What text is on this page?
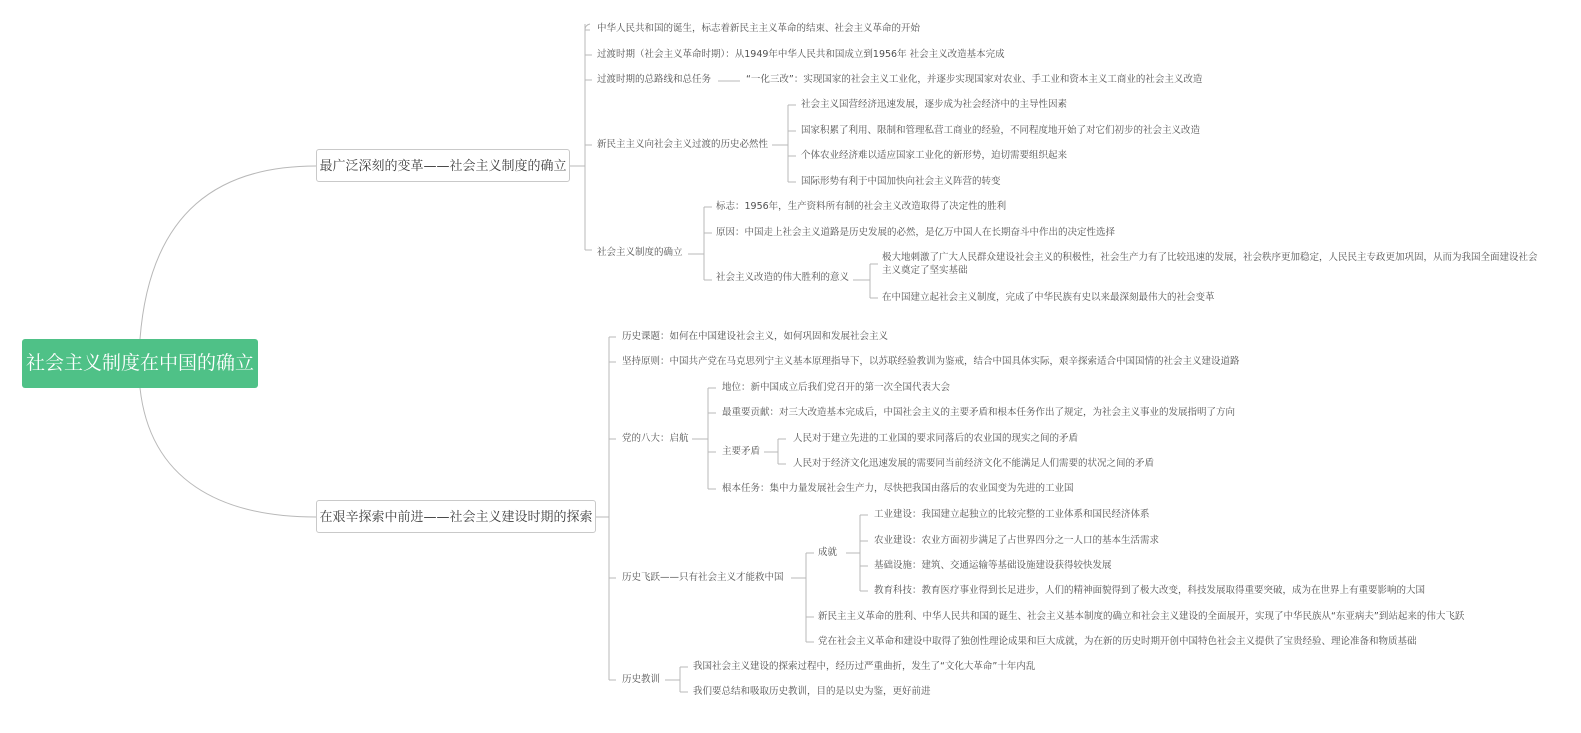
社会主义制度在中国的确立
最广泛深刻的变革——社会主义制度的确立
在艰辛探索中前进——社会主义建设时期的探索
中华人民共和国的诞生，标志着新民主主义革命的结束、社会主义革命的开始
过渡时期（社会主义革命时期）：从1949年中华人民共和国成立到1956年 社会主义改造基本完成
过渡时期的总路线和总任务	“一化三改”：实现国家的社会主义工业化，并逐步实现国家对农业、手工业和资本主义工商业的社会主义改造
新民主主义向社会主义过渡的历史必然性
社会主义国营经济迅速发展，逐步成为社会经济中的主导性因素
国家积累了利用、限制和管理私营工商业的经验，不同程度地开始了对它们初步的社会主义改造
个体农业经济难以适应国家工业化的新形势，迫切需要组织起来
国际形势有利于中国加快向社会主义阵营的转变
社会主义制度的确立
标志：1956年，生产资料所有制的社会主义改造取得了决定性的胜利
原因：中国走上社会主义道路是历史发展的必然，是亿万中国人在长期奋斗中作出的决定性选择
社会主义改造的伟大胜利的意义
极大地刺激了广大人民群众建设社会主义的积极性，社会生产力有了比较迅速的发展，社会秩序更加稳定，人民民主专政更加巩固，从而为我国全面建设社会
主义奠定了坚实基础
在中国建立起社会主义制度，完成了中华民族有史以来最深刻最伟大的社会变革
历史课题：如何在中国建设社会主义，如何巩固和发展社会主义
坚持原则：中国共产党在马克思列宁主义基本原理指导下，以苏联经验教训为鉴戒，结合中国具体实际，艰辛探索适合中国国情的社会主义建设道路
党的八大：启航
地位：新中国成立后我们党召开的第一次全国代表大会
最重要贡献：对三大改造基本完成后，中国社会主义的主要矛盾和根本任务作出了规定，为社会主义事业的发展指明了方向
主要矛盾
人民对于建立先进的工业国的要求同落后的农业国的现实之间的矛盾
人民对于经济文化迅速发展的需要同当前经济文化不能满足人们需要的状况之间的矛盾
根本任务：集中力量发展社会生产力，尽快把我国由落后的农业国变为先进的工业国
历史飞跃——只有社会主义才能救中国
成就
工业建设：我国建立起独立的比较完整的工业体系和国民经济体系
农业建设：农业方面初步满足了占世界四分之一人口的基本生活需求
基础设施：建筑、交通运输等基础设施建设获得较快发展
教育科技：教育医疗事业得到长足进步，人们的精神面貌得到了极大改变，科技发展取得重要突破，成为在世界上有重要影响的大国
新民主主义革命的胜利、中华人民共和国的诞生、社会主义基本制度的确立和社会主义建设的全面展开，实现了中华民族从“东亚病夫”到站起来的伟大飞跃
党在社会主义革命和建设中取得了独创性理论成果和巨大成就，为在新的历史时期开创中国特色社会主义提供了宝贵经验、理论准备和物质基础
历史教训
我国社会主义建设的探索过程中，经历过严重曲折，发生了“文化大革命”十年内乱
我们要总结和吸取历史教训，目的是以史为鉴，更好前进
